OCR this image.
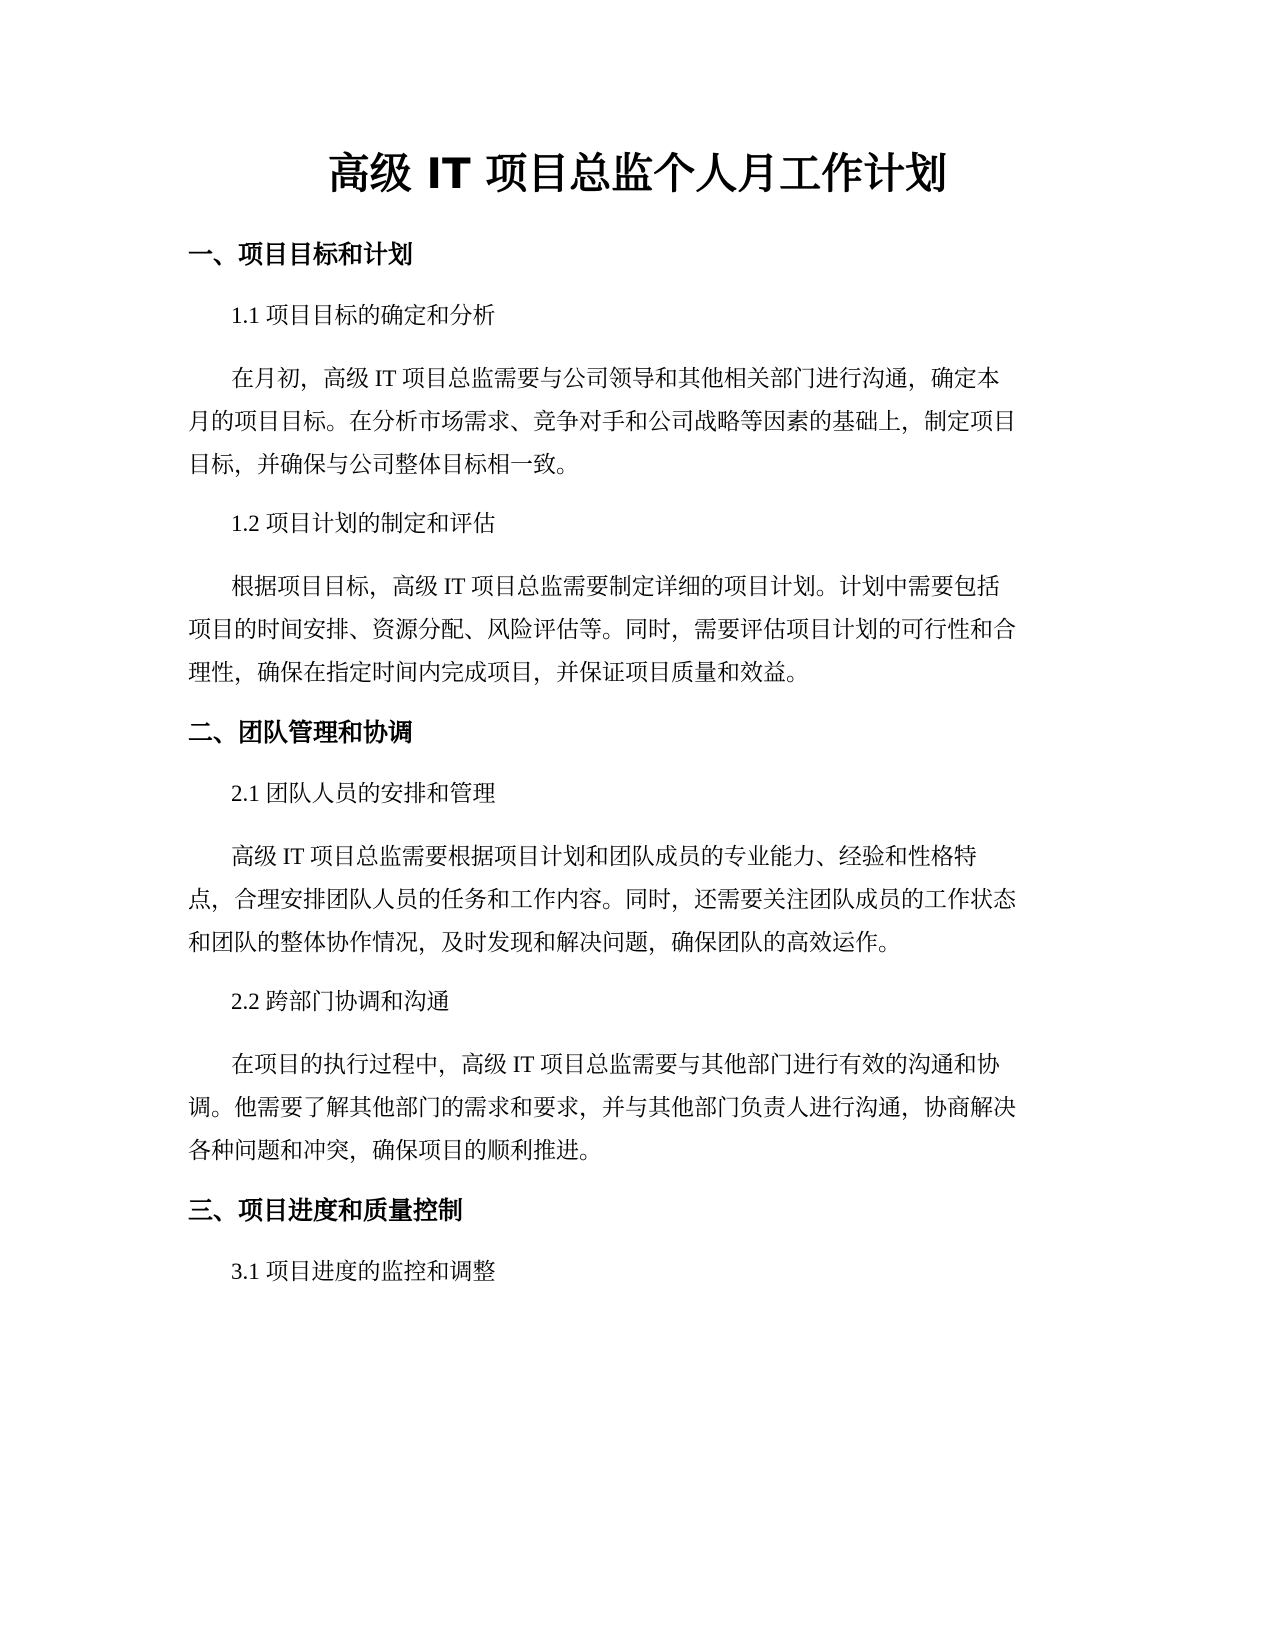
高级 IT 项目总监个人月工作计划
一、项目目标和计划
1.1 项目目标的确定和分析
在月初，高级 IT 项目总监需要与公司领导和其他相关部门进行沟通，确定本
月的项目目标。在分析市场需求、竞争对手和公司战略等因素的基础上，制定项目
目标，并确保与公司整体目标相一致。
1.2 项目计划的制定和评估
根据项目目标，高级 IT 项目总监需要制定详细的项目计划。计划中需要包括
项目的时间安排、资源分配、风险评估等。同时，需要评估项目计划的可行性和合
理性，确保在指定时间内完成项目，并保证项目质量和效益。
二、团队管理和协调
2.1 团队人员的安排和管理
高级 IT 项目总监需要根据项目计划和团队成员的专业能力、经验和性格特
点，合理安排团队人员的任务和工作内容。同时，还需要关注团队成员的工作状态
和团队的整体协作情况，及时发现和解决问题，确保团队的高效运作。
2.2 跨部门协调和沟通
在项目的执行过程中，高级 IT 项目总监需要与其他部门进行有效的沟通和协
调。他需要了解其他部门的需求和要求，并与其他部门负责人进行沟通，协商解决
各种问题和冲突，确保项目的顺利推进。
三、项目进度和质量控制
3.1 项目进度的监控和调整
